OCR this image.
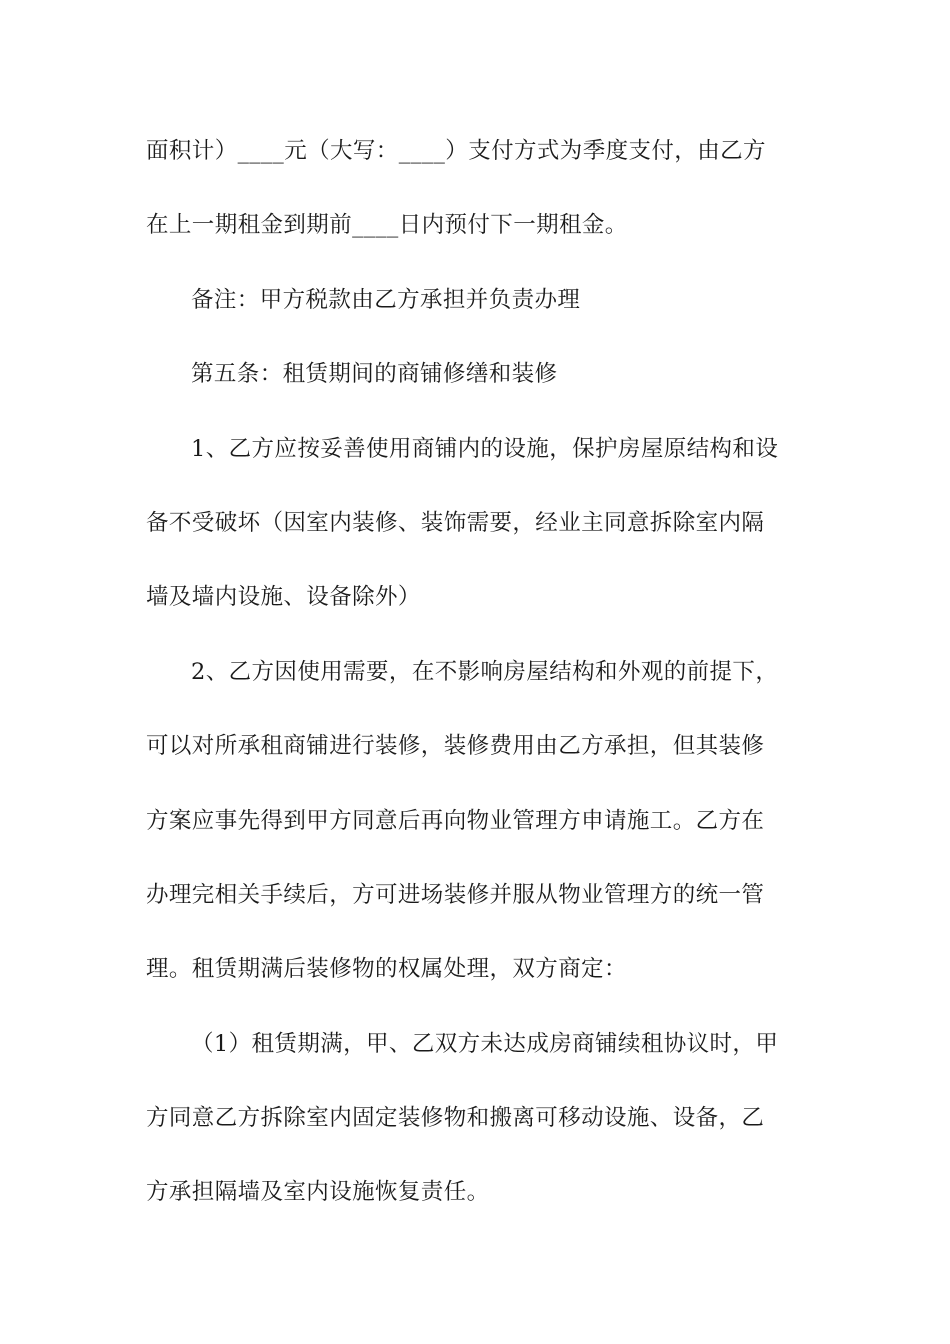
面积计）____元（大写：____）支付方式为季度支付，由乙方
在上一期租金到期前____日内预付下一期租金。
备注：甲方税款由乙方承担并负责办理
第五条：租赁期间的商铺修缮和装修
1、乙方应按妥善使用商铺内的设施，保护房屋原结构和设
备不受破坏（因室内装修、装饰需要，经业主同意拆除室内隔
墙及墙内设施、设备除外）
2、乙方因使用需要，在不影响房屋结构和外观的前提下，
可以对所承租商铺进行装修，装修费用由乙方承担，但其装修
方案应事先得到甲方同意后再向物业管理方申请施工。乙方在
办理完相关手续后，方可进场装修并服从物业管理方的统一管
理。租赁期满后装修物的权属处理，双方商定：
（1）租赁期满，甲、乙双方未达成房商铺续租协议时，甲
方同意乙方拆除室内固定装修物和搬离可移动设施、设备，乙
方承担隔墙及室内设施恢复责任。
